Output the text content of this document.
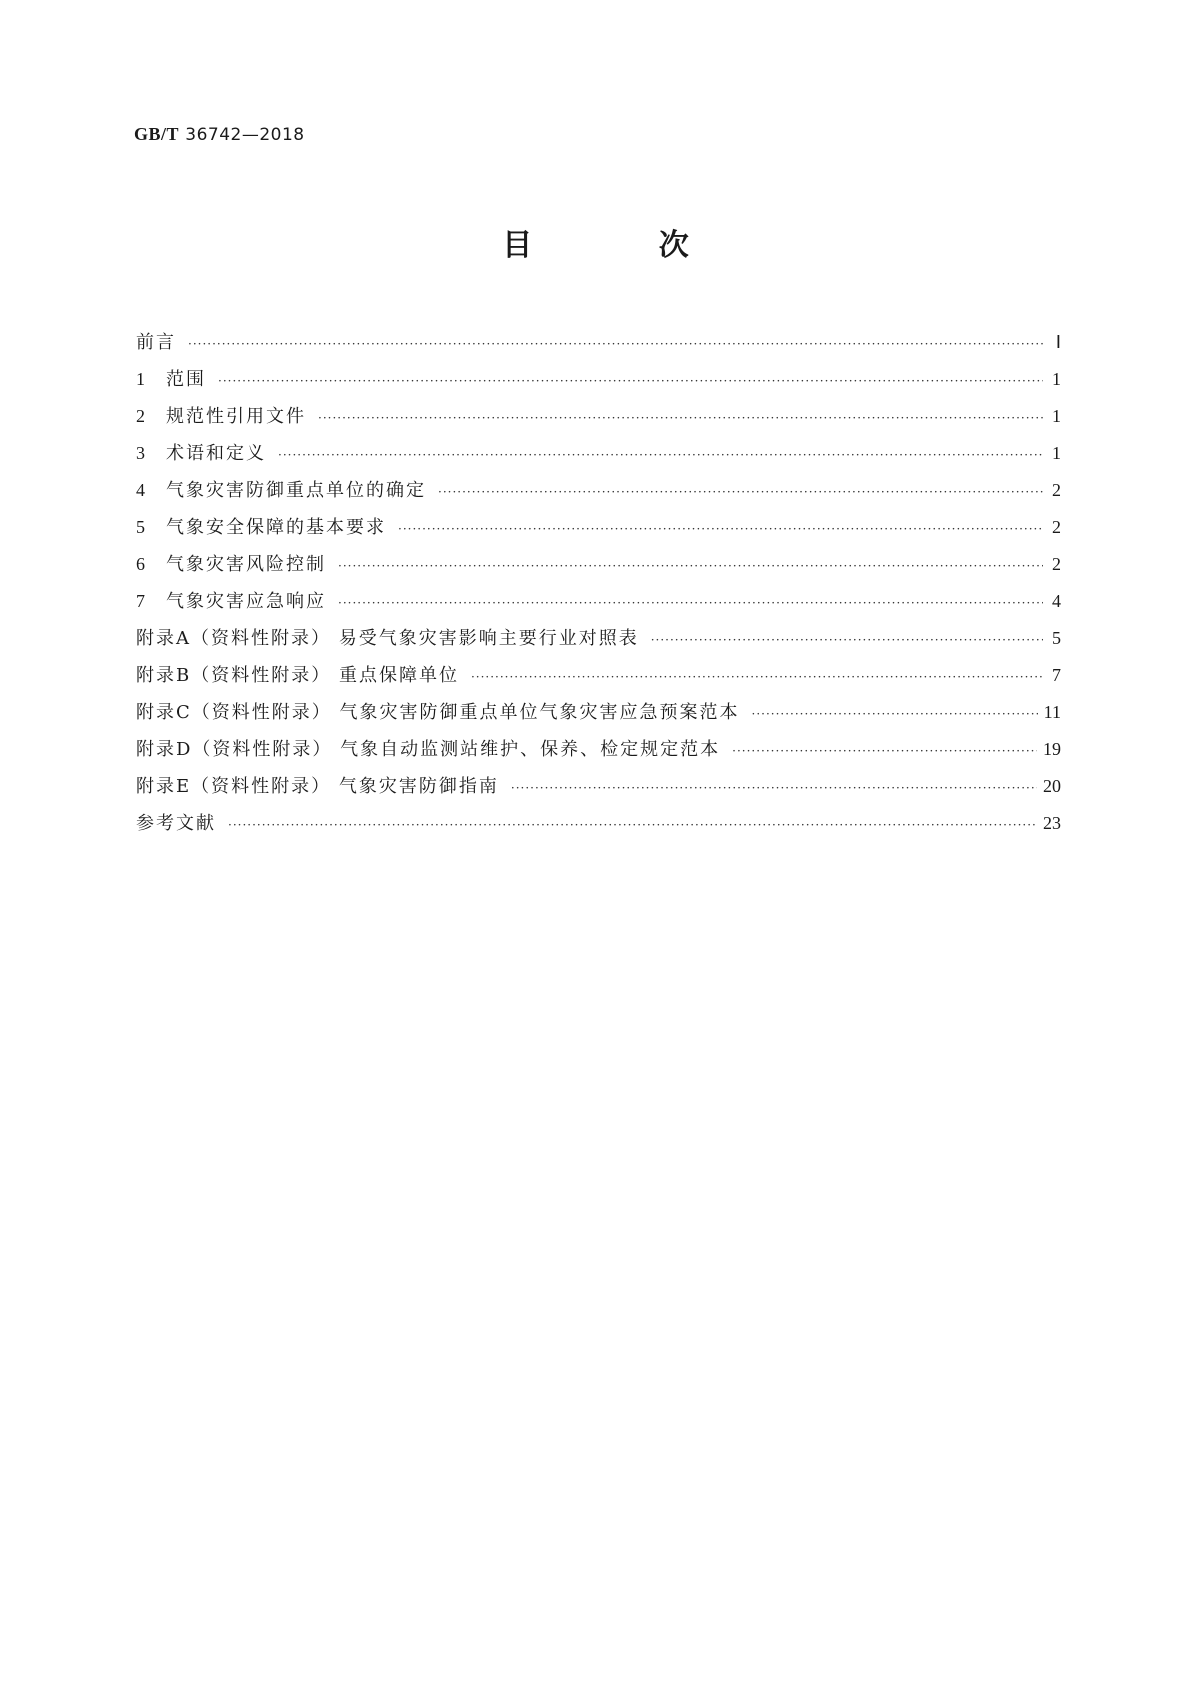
GB/T 36742—2018
目 次
前言 ·····	Ⅰ
1	范围 ·····	1
2	规范性引用文件 ·····	1
3	术语和定义 ·····	1
4	气象灾害防御重点单位的确定 ·····	2
5	气象安全保障的基本要求 ·····	2
6	气象灾害风险控制 ·····	2
7	气象灾害应急响应 ·····	4
附录A（资料性附录） 易受气象灾害影响主要行业对照表 ·····	5
附录B（资料性附录） 重点保障单位 ·····	7
附录C（资料性附录） 气象灾害防御重点单位气象灾害应急预案范本 ·····	11
附录D（资料性附录） 气象自动监测站维护、保养、检定规定范本 ·····	19
附录E（资料性附录） 气象灾害防御指南 ·····	20
参考文献 ·····	23
